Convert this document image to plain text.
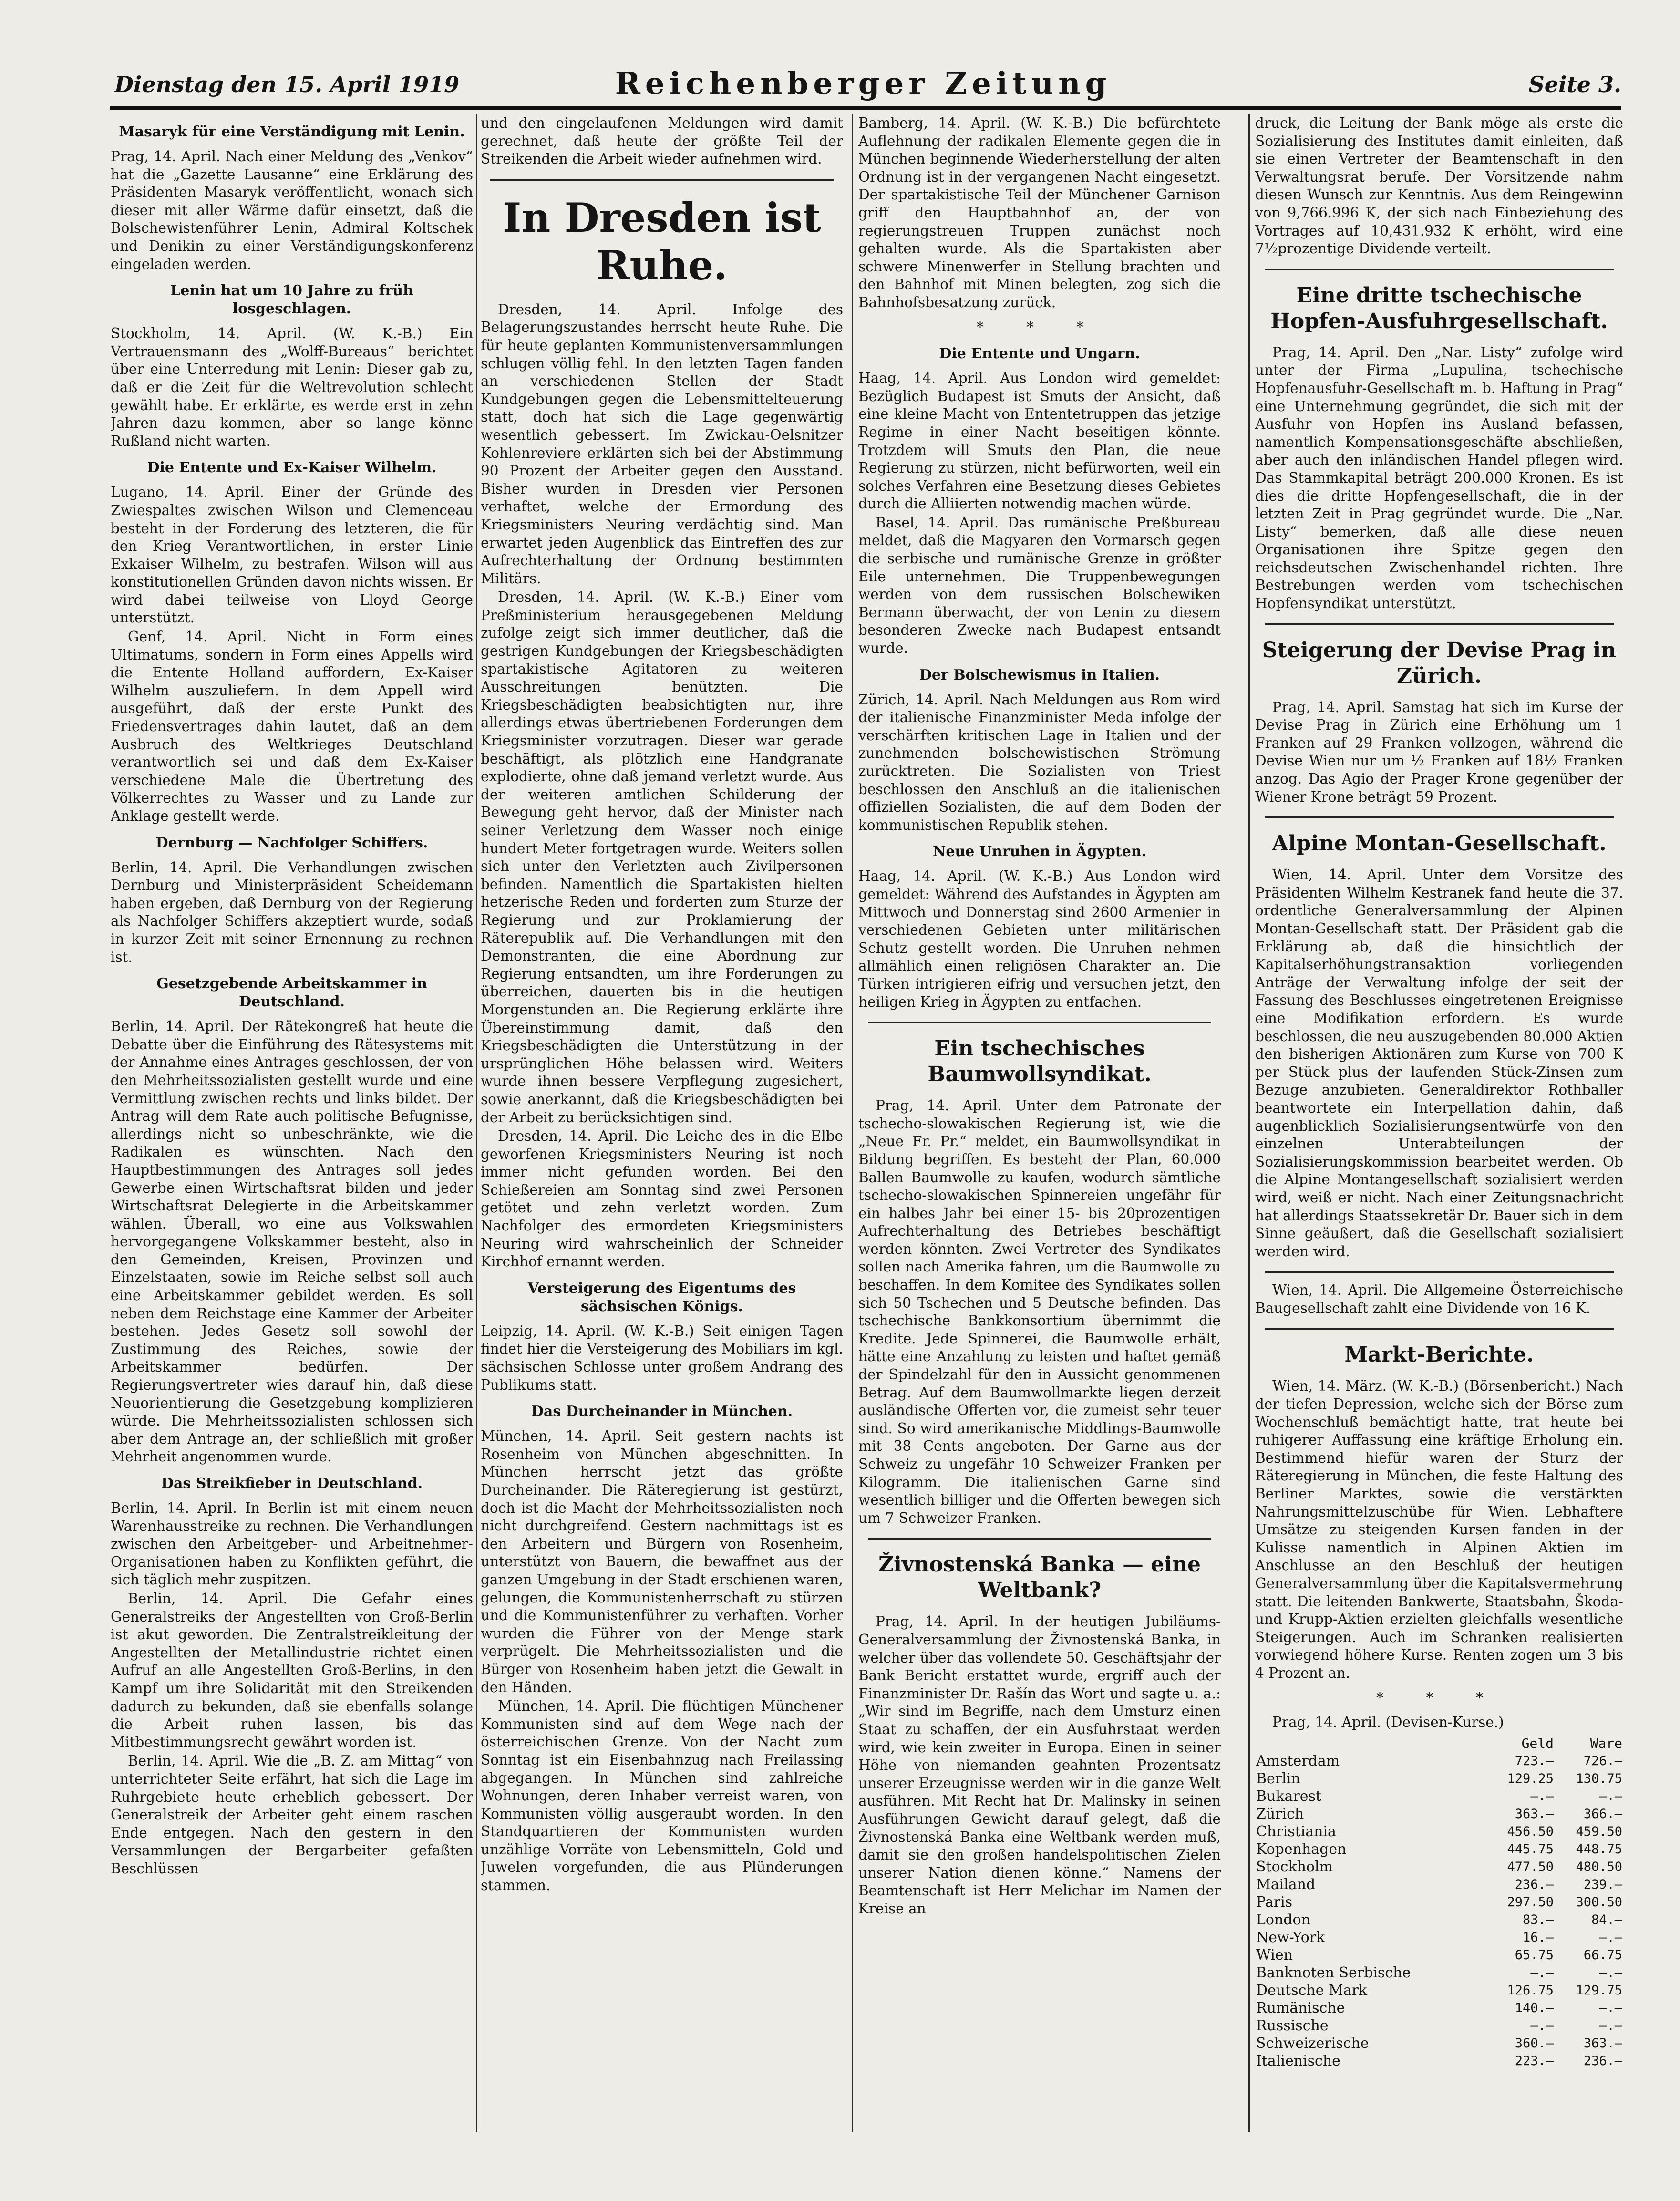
Dienstag den 15. April 1919	Reichenberger Zeitung	Seite 3.
Masaryk für eine Verständigung mit Lenin.

Prag, 14. April. Nach einer Meldung des „Venkov“ hat die „Gazette Lausanne“ eine Erklärung des Präsidenten Masaryk veröffentlicht, wonach sich dieser mit aller Wärme dafür einsetzt, daß die Bolschewistenführer Lenin, Admiral Koltschek und Denikin zu einer Verständigungskonferenz eingeladen werden.

Lenin hat um 10 Jahre zu früh losgeschlagen.

Stockholm, 14. April. (W. K.-B.) Ein Vertrauensmann des „Wolff-Bureaus“ berichtet über eine Unterredung mit Lenin: Dieser gab zu, daß er die Zeit für die Weltrevolution schlecht gewählt habe. Er erklärte, es werde erst in zehn Jahren dazu kommen, aber so lange könne Rußland nicht warten.

Die Entente und Ex-Kaiser Wilhelm.

Lugano, 14. April. Einer der Gründe des Zwiespaltes zwischen Wilson und Clemenceau besteht in der Forderung des letzteren, die für den Krieg Verantwortlichen, in erster Linie Exkaiser Wilhelm, zu bestrafen. Wilson will aus konstitutionellen Gründen davon nichts wissen. Er wird dabei teilweise von Lloyd George unterstützt.

Genf, 14. April. Nicht in Form eines Ultimatums, sondern in Form eines Appells wird die Entente Holland auffordern, Ex-Kaiser Wilhelm auszuliefern. In dem Appell wird ausgeführt, daß der erste Punkt des Friedensvertrages dahin lautet, daß an dem Ausbruch des Weltkrieges Deutschland verantwortlich sei und daß dem Ex-Kaiser verschiedene Male die Übertretung des Völkerrechtes zu Wasser und zu Lande zur Anklage gestellt werde.

Dernburg — Nachfolger Schiffers.

Berlin, 14. April. Die Verhandlungen zwischen Dernburg und Ministerpräsident Scheidemann haben ergeben, daß Dernburg von der Regierung als Nachfolger Schiffers akzeptiert wurde, sodaß in kurzer Zeit mit seiner Ernennung zu rechnen ist.

Gesetzgebende Arbeitskammer in Deutschland.

Berlin, 14. April. Der Rätekongreß hat heute die Debatte über die Einführung des Rätesystems mit der Annahme eines Antrages geschlossen, der von den Mehrheitssozialisten gestellt wurde und eine Vermittlung zwischen rechts und links bildet. Der Antrag will dem Rate auch politische Befugnisse, allerdings nicht so unbeschränkte, wie die Radikalen es wünschten. Nach den Hauptbestimmungen des Antrages soll jedes Gewerbe einen Wirtschaftsrat bilden und jeder Wirtschaftsrat Delegierte in die Arbeitskammer wählen. Überall, wo eine aus Volkswahlen hervorgegangene Volkskammer besteht, also in den Gemeinden, Kreisen, Provinzen und Einzelstaaten, sowie im Reiche selbst soll auch eine Arbeitskammer gebildet werden. Es soll neben dem Reichstage eine Kammer der Arbeiter bestehen. Jedes Gesetz soll sowohl der Zustimmung des Reiches, sowie der Arbeitskammer bedürfen. Der Regierungsvertreter wies darauf hin, daß diese Neuorientierung die Gesetzgebung komplizieren würde. Die Mehrheitssozialisten schlossen sich aber dem Antrage an, der schließlich mit großer Mehrheit angenommen wurde.

Das Streikfieber in Deutschland.

Berlin, 14. April. In Berlin ist mit einem neuen Warenhausstreike zu rechnen. Die Verhandlungen zwischen den Arbeitgeber- und Arbeitnehmer-Organisationen haben zu Konflikten geführt, die sich täglich mehr zuspitzen.

Berlin, 14. April. Die Gefahr eines Generalstreiks der Angestellten von Groß-Berlin ist akut geworden. Die Zentralstreikleitung der Angestellten der Metallindustrie richtet einen Aufruf an alle Angestellten Groß-Berlins, in den Kampf um ihre Solidarität mit den Streikenden dadurch zu bekunden, daß sie ebenfalls solange die Arbeit ruhen lassen, bis das Mitbestimmungsrecht gewährt worden ist.

Berlin, 14. April. Wie die „B. Z. am Mittag“ von unterrichteter Seite erfährt, hat sich die Lage im Ruhrgebiete heute erheblich gebessert. Der Generalstreik der Arbeiter geht einem raschen Ende entgegen. Nach den gestern in den Versammlungen der Bergarbeiter gefaßten Beschlüssen

und den eingelaufenen Meldungen wird damit gerechnet, daß heute der größte Teil der Streikenden die Arbeit wieder aufnehmen wird.

In Dresden ist Ruhe.

Dresden, 14. April. Infolge des Belagerungszustandes herrscht heute Ruhe. Die für heute geplanten Kommunistenversammlungen schlugen völlig fehl. In den letzten Tagen fanden an verschiedenen Stellen der Stadt Kundgebungen gegen die Lebensmittelteuerung statt, doch hat sich die Lage gegenwärtig wesentlich gebessert. Im Zwickau-Oelsnitzer Kohlenreviere erklärten sich bei der Abstimmung 90 Prozent der Arbeiter gegen den Ausstand. Bisher wurden in Dresden vier Personen verhaftet, welche der Ermordung des Kriegsministers Neuring verdächtig sind. Man erwartet jeden Augenblick das Eintreffen des zur Aufrechterhaltung der Ordnung bestimmten Militärs.

Dresden, 14. April. (W. K.-B.) Einer vom Preßministerium herausgegebenen Meldung zufolge zeigt sich immer deutlicher, daß die gestrigen Kundgebungen der Kriegsbeschädigten spartakistische Agitatoren zu weiteren Ausschreitungen benützten. Die Kriegsbeschädigten beabsichtigten nur, ihre allerdings etwas übertriebenen Forderungen dem Kriegsminister vorzutragen. Dieser war gerade beschäftigt, als plötzlich eine Handgranate explodierte, ohne daß jemand verletzt wurde. Aus der weiteren amtlichen Schilderung der Bewegung geht hervor, daß der Minister nach seiner Verletzung dem Wasser noch einige hundert Meter fortgetragen wurde. Weiters sollen sich unter den Verletzten auch Zivilpersonen befinden. Namentlich die Spartakisten hielten hetzerische Reden und forderten zum Sturze der Regierung und zur Proklamierung der Räterepublik auf. Die Verhandlungen mit den Demonstranten, die eine Abordnung zur Regierung entsandten, um ihre Forderungen zu überreichen, dauerten bis in die heutigen Morgenstunden an. Die Regierung erklärte ihre Übereinstimmung damit, daß den Kriegsbeschädigten die Unterstützung in der ursprünglichen Höhe belassen wird. Weiters wurde ihnen bessere Verpflegung zugesichert, sowie anerkannt, daß die Kriegsbeschädigten bei der Arbeit zu berücksichtigen sind.

Dresden, 14. April. Die Leiche des in die Elbe geworfenen Kriegsministers Neuring ist noch immer nicht gefunden worden. Bei den Schießereien am Sonntag sind zwei Personen getötet und zehn verletzt worden. Zum Nachfolger des ermordeten Kriegsministers Neuring wird wahrscheinlich der Schneider Kirchhof ernannt werden.

Versteigerung des Eigentums des sächsischen Königs.

Leipzig, 14. April. (W. K.-B.) Seit einigen Tagen findet hier die Versteigerung des Mobiliars im kgl. sächsischen Schlosse unter großem Andrang des Publikums statt.

Das Durcheinander in München.

München, 14. April. Seit gestern nachts ist Rosenheim von München abgeschnitten. In München herrscht jetzt das größte Durcheinander. Die Räteregierung ist gestürzt, doch ist die Macht der Mehrheitssozialisten noch nicht durchgreifend. Gestern nachmittags ist es den Arbeitern und Bürgern von Rosenheim, unterstützt von Bauern, die bewaffnet aus der ganzen Umgebung in der Stadt erschienen waren, gelungen, die Kommunistenherrschaft zu stürzen und die Kommunistenführer zu verhaften. Vorher wurden die Führer von der Menge stark verprügelt. Die Mehrheitssozialisten und die Bürger von Rosenheim haben jetzt die Gewalt in den Händen.

München, 14. April. Die flüchtigen Münchener Kommunisten sind auf dem Wege nach der österreichischen Grenze. Von der Nacht zum Sonntag ist ein Eisenbahnzug nach Freilassing abgegangen. In München sind zahlreiche Wohnungen, deren Inhaber verreist waren, von Kommunisten völlig ausgeraubt worden. In den Standquartieren der Kommunisten wurden unzählige Vorräte von Lebensmitteln, Gold und Juwelen vorgefunden, die aus Plünderungen stammen.

Bamberg, 14. April. (W. K.-B.) Die befürchtete Auflehnung der radikalen Elemente gegen die in München beginnende Wiederherstellung der alten Ordnung ist in der vergangenen Nacht eingesetzt. Der spartakistische Teil der Münchener Garnison griff den Hauptbahnhof an, der von regierungstreuen Truppen zunächst noch gehalten wurde. Als die Spartakisten aber schwere Minenwerfer in Stellung brachten und den Bahnhof mit Minen belegten, zog sich die Bahnhofsbesatzung zurück.

* * *
Die Entente und Ungarn.

Haag, 14. April. Aus London wird gemeldet: Bezüglich Budapest ist Smuts der Ansicht, daß eine kleine Macht von Ententetruppen das jetzige Regime in einer Nacht beseitigen könnte. Trotzdem will Smuts den Plan, die neue Regierung zu stürzen, nicht befürworten, weil ein solches Verfahren eine Besetzung dieses Gebietes durch die Alliierten notwendig machen würde.

Basel, 14. April. Das rumänische Preßbureau meldet, daß die Magyaren den Vormarsch gegen die serbische und rumänische Grenze in größter Eile unternehmen. Die Truppenbewegungen werden von dem russischen Bolschewiken Bermann überwacht, der von Lenin zu diesem besonderen Zwecke nach Budapest entsandt wurde.

Der Bolschewismus in Italien.

Zürich, 14. April. Nach Meldungen aus Rom wird der italienische Finanzminister Meda infolge der verschärften kritischen Lage in Italien und der zunehmenden bolschewistischen Strömung zurücktreten. Die Sozialisten von Triest beschlossen den Anschluß an die italienischen offiziellen Sozialisten, die auf dem Boden der kommunistischen Republik stehen.

Neue Unruhen in Ägypten.

Haag, 14. April. (W. K.-B.) Aus London wird gemeldet: Während des Aufstandes in Ägypten am Mittwoch und Donnerstag sind 2600 Armenier in verschiedenen Gebieten unter militärischen Schutz gestellt worden. Die Unruhen nehmen allmählich einen religiösen Charakter an. Die Türken intrigieren eifrig und versuchen jetzt, den heiligen Krieg in Ägypten zu entfachen.

Ein tschechisches Baumwollsyndikat.

Prag, 14. April. Unter dem Patronate der tschecho-slowakischen Regierung ist, wie die „Neue Fr. Pr.“ meldet, ein Baumwollsyndikat in Bildung begriffen. Es besteht der Plan, 60.000 Ballen Baumwolle zu kaufen, wodurch sämtliche tschecho-slowakischen Spinnereien ungefähr für ein halbes Jahr bei einer 15- bis 20prozentigen Aufrechterhaltung des Betriebes beschäftigt werden könnten. Zwei Vertreter des Syndikates sollen nach Amerika fahren, um die Baumwolle zu beschaffen. In dem Komitee des Syndikates sollen sich 50 Tschechen und 5 Deutsche befinden. Das tschechische Bankkonsortium übernimmt die Kredite. Jede Spinnerei, die Baumwolle erhält, hätte eine Anzahlung zu leisten und haftet gemäß der Spindelzahl für den in Aussicht genommenen Betrag. Auf dem Baumwollmarkte liegen derzeit ausländische Offerten vor, die zumeist sehr teuer sind. So wird amerikanische Middlings-Baumwolle mit 38 Cents angeboten. Der Garne aus der Schweiz zu ungefähr 10 Schweizer Franken per Kilogramm. Die italienischen Garne sind wesentlich billiger und die Offerten bewegen sich um 7 Schweizer Franken.

Živnostenská Banka — eine Weltbank?

Prag, 14. April. In der heutigen Jubiläums-Generalversammlung der Živnostenská Banka, in welcher über das vollendete 50. Geschäftsjahr der Bank Bericht erstattet wurde, ergriff auch der Finanzminister Dr. Rašín das Wort und sagte u. a.: „Wir sind im Begriffe, nach dem Umsturz einen Staat zu schaffen, der ein Ausfuhrstaat werden wird, wie kein zweiter in Europa. Einen in seiner Höhe von niemanden geahnten Prozentsatz unserer Erzeugnisse werden wir in die ganze Welt ausführen. Mit Recht hat Dr. Malinsky in seinen Ausführungen Gewicht darauf gelegt, daß die Živnostenská Banka eine Weltbank werden muß, damit sie den großen handelspolitischen Zielen unserer Nation dienen könne.“ Namens der Beamtenschaft ist Herr Melichar im Namen der Kreise an

druck, die Leitung der Bank möge als erste die Sozialisierung des Institutes damit einleiten, daß sie einen Vertreter der Beamtenschaft in den Verwaltungsrat berufe. Der Vorsitzende nahm diesen Wunsch zur Kenntnis. Aus dem Reingewinn von 9,766.996 K, der sich nach Einbeziehung des Vortrages auf 10,431.932 K erhöht, wird eine 7½prozentige Dividende verteilt.

Eine dritte tschechische Hopfen-Ausfuhrgesellschaft.

Prag, 14. April. Den „Nar. Listy“ zufolge wird unter der Firma „Lupulina, tschechische Hopfenausfuhr-Gesellschaft m. b. Haftung in Prag“ eine Unternehmung gegründet, die sich mit der Ausfuhr von Hopfen ins Ausland befassen, namentlich Kompensationsgeschäfte abschließen, aber auch den inländischen Handel pflegen wird. Das Stammkapital beträgt 200.000 Kronen. Es ist dies die dritte Hopfengesellschaft, die in der letzten Zeit in Prag gegründet wurde. Die „Nar. Listy“ bemerken, daß alle diese neuen Organisationen ihre Spitze gegen den reichsdeutschen Zwischenhandel richten. Ihre Bestrebungen werden vom tschechischen Hopfensyndikat unterstützt.

Steigerung der Devise Prag in Zürich.

Prag, 14. April. Samstag hat sich im Kurse der Devise Prag in Zürich eine Erhöhung um 1 Franken auf 29 Franken vollzogen, während die Devise Wien nur um ½ Franken auf 18½ Franken anzog. Das Agio der Prager Krone gegenüber der Wiener Krone beträgt 59 Prozent.

Alpine Montan-Gesellschaft.

Wien, 14. April. Unter dem Vorsitze des Präsidenten Wilhelm Kestranek fand heute die 37. ordentliche Generalversammlung der Alpinen Montan-Gesellschaft statt. Der Präsident gab die Erklärung ab, daß die hinsichtlich der Kapitalserhöhungstransaktion vorliegenden Anträge der Verwaltung infolge der seit der Fassung des Beschlusses eingetretenen Ereignisse eine Modifikation erfordern. Es wurde beschlossen, die neu auszugebenden 80.000 Aktien den bisherigen Aktionären zum Kurse von 700 K per Stück plus der laufenden Stück-Zinsen zum Bezuge anzubieten. Generaldirektor Rothballer beantwortete ein Interpellation dahin, daß augenblicklich Sozialisierungsentwürfe von den einzelnen Unterabteilungen der Sozialisierungskommission bearbeitet werden. Ob die Alpine Montangesellschaft sozialisiert werden wird, weiß er nicht. Nach einer Zeitungsnachricht hat allerdings Staatssekretär Dr. Bauer sich in dem Sinne geäußert, daß die Gesellschaft sozialisiert werden wird.

Wien, 14. April. Die Allgemeine Österreichische Baugesellschaft zahlt eine Dividende von 16 K.

Markt-Berichte.

Wien, 14. März. (W. K.-B.) (Börsenbericht.) Nach der tiefen Depression, welche sich der Börse zum Wochenschluß bemächtigt hatte, trat heute bei ruhigerer Auffassung eine kräftige Erholung ein. Bestimmend hiefür waren der Sturz der Räteregierung in München, die feste Haltung des Berliner Marktes, sowie die verstärkten Nahrungsmittelzuschübe für Wien. Lebhaftere Umsätze zu steigenden Kursen fanden in der Kulisse namentlich in Alpinen Aktien im Anschlusse an den Beschluß der heutigen Generalversammlung über die Kapitalsvermehrung statt. Die leitenden Bankwerte, Staatsbahn, Škoda- und Krupp-Aktien erzielten gleichfalls wesentliche Steigerungen. Auch im Schranken realisierten vorwiegend höhere Kurse. Renten zogen um 3 bis 4 Prozent an.

* * *

Prag, 14. April. (Devisen-Kurse.)

	Geld	Ware
Amsterdam	723.—	726.—
Berlin	129.25	130.75
Bukarest	—.—	—.—
Zürich	363.—	366.—
Christiania	456.50	459.50
Kopenhagen	445.75	448.75
Stockholm	477.50	480.50
Mailand	236.—	239.—
Paris	297.50	300.50
London	83.—	84.—
New-York	16.—	—.—
Wien	65.75	66.75
Banknoten Serbische	—.—	—.—
Deutsche Mark	126.75	129.75
Rumänische	140.—	—.—
Russische	—.—	—.—
Schweizerische	360.—	363.—
Italienische	223.—	236.—
